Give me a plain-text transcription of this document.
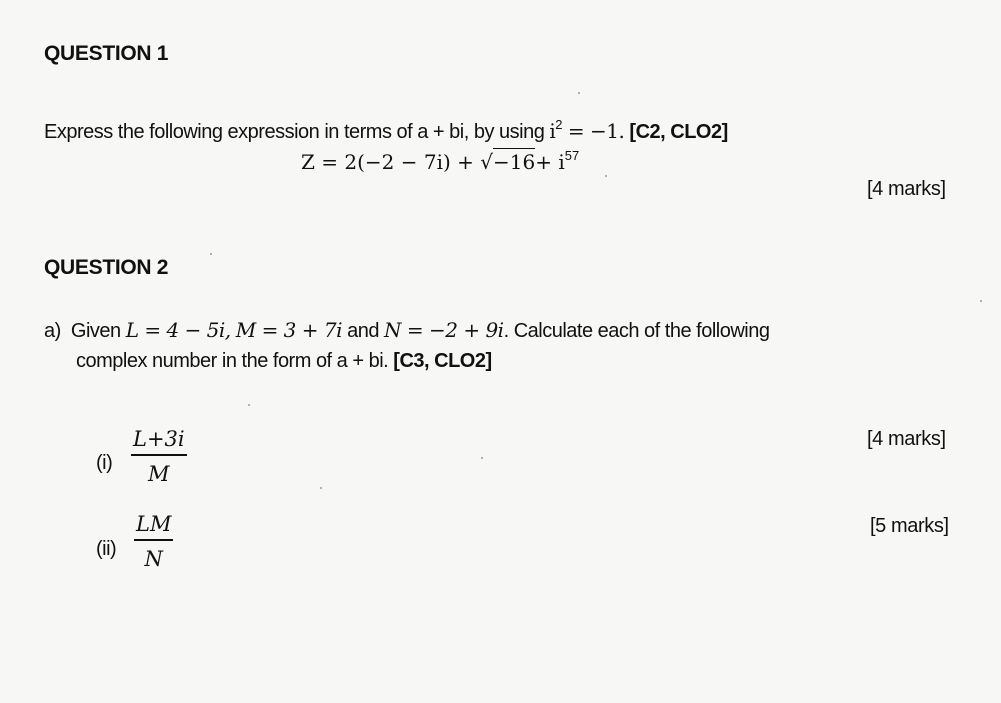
QUESTION 1
Express the following expression in terms of a + bi, by using $i^2 = -1$. [C2, CLO2]
$Z = 2(-2 - 7i) + √-16+ i^{57}$
[4 marks]
QUESTION 2
a) Given L = 4 − 5i, M = 3 + 7i and N = −2 + 9i. Calculate each of the following
complex number in the form of a + bi. [C3, CLO2]
$(i) \frac{L+3i}{M}$	[4 marks]
$(ii) \frac{LM}{N}$	[5 marks]
